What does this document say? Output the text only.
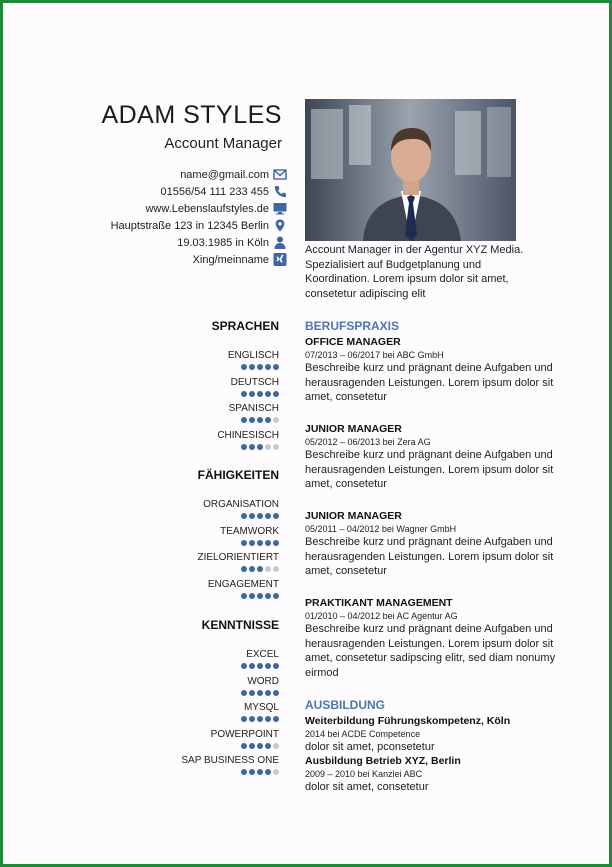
ADAM STYLES
Account Manager
name@gmail.com
01556/54 111 233 455
www.Lebenslaufstyles.de
Hauptstraße 123 in 12345 Berlin
19.03.1985 in Köln
Xing/meinname
Account Manager in der Agentur XYZ Media. Spezialisiert auf Budgetplanung und Koordination. Lorem ipsum dolor sit amet, consetetur adipiscing elit
SPRACHEN
ENGLISCH
DEUTSCH
SPANISCH
CHINESISCH
FÄHIGKEITEN
ORGANISATION
TEAMWORK
ZIELORIENTIERT
ENGAGEMENT
KENNTNISSE
EXCEL
WORD
MYSQL
POWERPOINT
SAP BUSINESS ONE
BERUFSPRAXIS
OFFICE MANAGER
07/2013 – 06/2017 bei ABC GmbH
Beschreibe kurz und prägnant deine Aufgaben und herausragenden Leistungen. Lorem ipsum dolor sit amet, consetetur
JUNIOR MANAGER
05/2012 – 06/2013 bei Zera AG
Beschreibe kurz und prägnant deine Aufgaben und herausragenden Leistungen. Lorem ipsum dolor sit amet, consetetur
JUNIOR MANAGER
05/2011 – 04/2012 bei Wagner GmbH
Beschreibe kurz und prägnant deine Aufgaben und herausragenden Leistungen. Lorem ipsum dolor sit amet, consetetur
PRAKTIKANT MANAGEMENT
01/2010 – 04/2012 bei AC Agentur AG
Beschreibe kurz und prägnant deine Aufgaben und herausragenden Leistungen. Lorem ipsum dolor sit amet, consetetur sadipscing elitr, sed diam nonumy eirmod
AUSBILDUNG
Weiterbildung Führungskompetenz, Köln
2014 bei ACDE Competence
dolor sit amet, pconsetetur
Ausbildung Betrieb XYZ, Berlin
2009 – 2010 bei Kanzlei ABC
dolor sit amet, consetetur
